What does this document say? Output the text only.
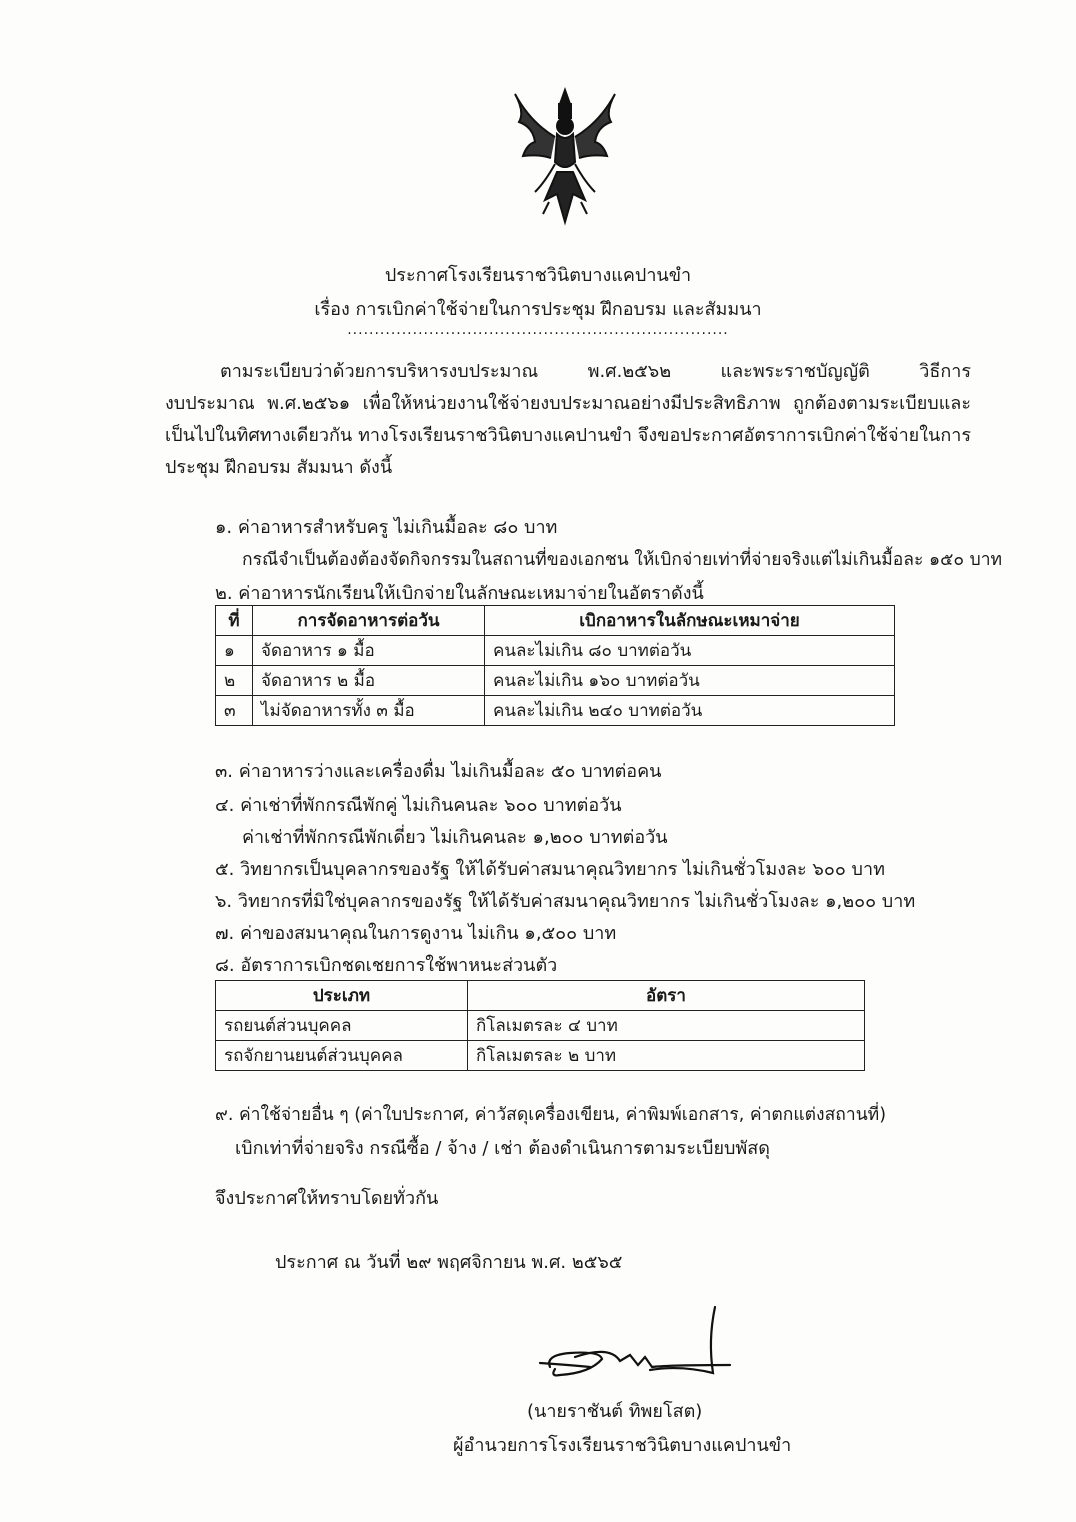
ประกาศโรงเรียนราชวินิตบางแคปานขำ
เรื่อง การเบิกค่าใช้จ่ายในการประชุม ฝึกอบรม และสัมมนา
......................................................................

ตามระเบียบว่าด้วยการบริหารงบประมาณ พ.ศ.๒๕๖๒ และพระราชบัญญัติ วิธีการ
งบประมาณ พ.ศ.๒๕๖๑ เพื่อให้หน่วยงานใช้จ่ายงบประมาณอย่างมีประสิทธิภาพ ถูกต้องตามระเบียบและ
เป็นไปในทิศทางเดียวกัน ทางโรงเรียนราชวินิตบางแคปานขำ จึงขอประกาศอัตราการเบิกค่าใช้จ่ายในการ
ประชุม ฝึกอบรม สัมมนา ดังนี้

๑. ค่าอาหารสำหรับครู ไม่เกินมื้อละ ๘๐ บาท
กรณีจำเป็นต้องต้องจัดกิจกรรมในสถานที่ของเอกชน ให้เบิกจ่ายเท่าที่จ่ายจริงแต่ไม่เกินมื้อละ ๑๕๐ บาท
๒. ค่าอาหารนักเรียนให้เบิกจ่ายในลักษณะเหมาจ่ายในอัตราดังนี้
ที่	การจัดอาหารต่อวัน	เบิกอาหารในลักษณะเหมาจ่าย
๑	จัดอาหาร ๑ มื้อ	คนละไม่เกิน ๘๐ บาทต่อวัน
๒	จัดอาหาร ๒ มื้อ	คนละไม่เกิน ๑๖๐ บาทต่อวัน
๓	ไม่จัดอาหารทั้ง ๓ มื้อ	คนละไม่เกิน ๒๔๐ บาทต่อวัน
๓. ค่าอาหารว่างและเครื่องดื่ม ไม่เกินมื้อละ ๕๐ บาทต่อคน
๔. ค่าเช่าที่พักกรณีพักคู่ ไม่เกินคนละ ๖๐๐ บาทต่อวัน
ค่าเช่าที่พักกรณีพักเดี่ยว ไม่เกินคนละ ๑,๒๐๐ บาทต่อวัน
๕. วิทยากรเป็นบุคลากรของรัฐ ให้ได้รับค่าสมนาคุณวิทยากร ไม่เกินชั่วโมงละ ๖๐๐ บาท
๖. วิทยากรที่มิใช่บุคลากรของรัฐ ให้ได้รับค่าสมนาคุณวิทยากร ไม่เกินชั่วโมงละ ๑,๒๐๐ บาท
๗. ค่าของสมนาคุณในการดูงาน ไม่เกิน ๑,๕๐๐ บาท
๘. อัตราการเบิกชดเชยการใช้พาหนะส่วนตัว
ประเภท	อัตรา
รถยนต์ส่วนบุคคล	กิโลเมตรละ ๔ บาท
รถจักยานยนต์ส่วนบุคคล	กิโลเมตรละ ๒ บาท
๙. ค่าใช้จ่ายอื่น ๆ (ค่าใบประกาศ, ค่าวัสดุเครื่องเขียน, ค่าพิมพ์เอกสาร, ค่าตกแต่งสถานที่)
เบิกเท่าที่จ่ายจริง กรณีซื้อ / จ้าง / เช่า ต้องดำเนินการตามระเบียบพัสดุ
จึงประกาศให้ทราบโดยทั่วกัน
ประกาศ ณ วันที่ ๒๙ พฤศจิกายน พ.ศ. ๒๕๖๕
(นายราชันต์ ทิพยโสต)
ผู้อำนวยการโรงเรียนราชวินิตบางแคปานขำ
